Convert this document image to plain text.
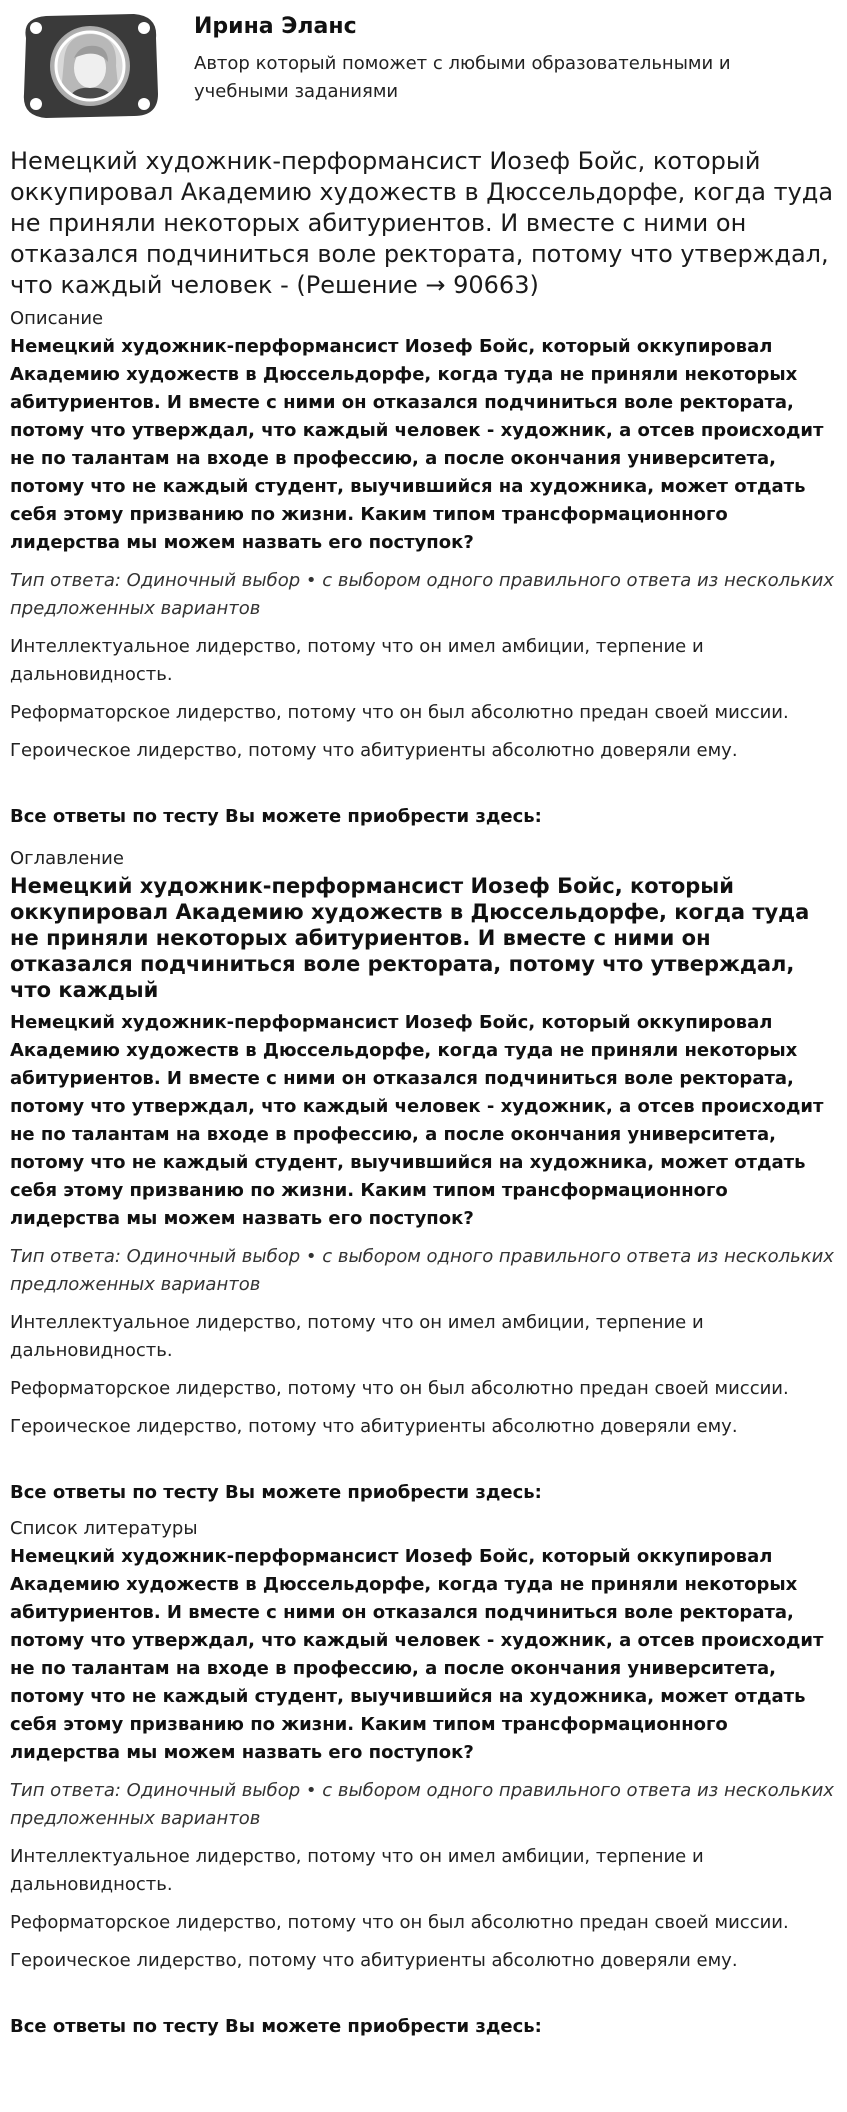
Ирина Эланс
Автор который поможет с любыми образовательными и учебными заданиями
Немецкий художник-перформансист Иозеф Бойс, который оккупировал Академию художеств в Дюссельдорфе, когда туда не приняли некоторых абитуриентов. И вместе с ними он отказался подчиниться воле ректората, потому что утверждал, что каждый человек - (Решение → 90663)

Описание

Немецкий художник-перформансист Иозеф Бойс, который оккупировал Академию художеств в Дюссельдорфе, когда туда не приняли некоторых абитуриентов. И вместе с ними он отказался подчиниться воле ректората, потому что утверждал, что каждый человек - художник, а отсев происходит не по талантам на входе в профессию, а после окончания университета, потому что не каждый студент, выучившийся на художника, может отдать себя этому призванию по жизни. Каким типом трансформационного лидерства мы можем назвать его поступок?

Тип ответа: Одиночный выбор • с выбором одного правильного ответа из нескольких предложенных вариантов

Интеллектуальное лидерство, потому что он имел амбиции, терпение и дальновидность.

Реформаторское лидерство, потому что он был абсолютно предан своей миссии.

Героическое лидерство, потому что абитуриенты абсолютно доверяли ему.

Все ответы по тесту Вы можете приобрести здесь:

Оглавление

Немецкий художник-перформансист Иозеф Бойс, который оккупировал Академию художеств в Дюссельдорфе, когда туда не приняли некоторых абитуриентов. И вместе с ними он отказался подчиниться воле ректората, потому что утверждал, что каждый

Немецкий художник-перформансист Иозеф Бойс, который оккупировал Академию художеств в Дюссельдорфе, когда туда не приняли некоторых абитуриентов. И вместе с ними он отказался подчиниться воле ректората, потому что утверждал, что каждый человек - художник, а отсев происходит не по талантам на входе в профессию, а после окончания университета, потому что не каждый студент, выучившийся на художника, может отдать себя этому призванию по жизни. Каким типом трансформационного лидерства мы можем назвать его поступок?

Тип ответа: Одиночный выбор • с выбором одного правильного ответа из нескольких предложенных вариантов

Интеллектуальное лидерство, потому что он имел амбиции, терпение и дальновидность.

Реформаторское лидерство, потому что он был абсолютно предан своей миссии.

Героическое лидерство, потому что абитуриенты абсолютно доверяли ему.

Все ответы по тесту Вы можете приобрести здесь:

Список литературы

Немецкий художник-перформансист Иозеф Бойс, который оккупировал Академию художеств в Дюссельдорфе, когда туда не приняли некоторых абитуриентов. И вместе с ними он отказался подчиниться воле ректората, потому что утверждал, что каждый человек - художник, а отсев происходит не по талантам на входе в профессию, а после окончания университета, потому что не каждый студент, выучившийся на художника, может отдать себя этому призванию по жизни. Каким типом трансформационного лидерства мы можем назвать его поступок?

Тип ответа: Одиночный выбор • с выбором одного правильного ответа из нескольких предложенных вариантов

Интеллектуальное лидерство, потому что он имел амбиции, терпение и дальновидность.

Реформаторское лидерство, потому что он был абсолютно предан своей миссии.

Героическое лидерство, потому что абитуриенты абсолютно доверяли ему.

Все ответы по тесту Вы можете приобрести здесь:
